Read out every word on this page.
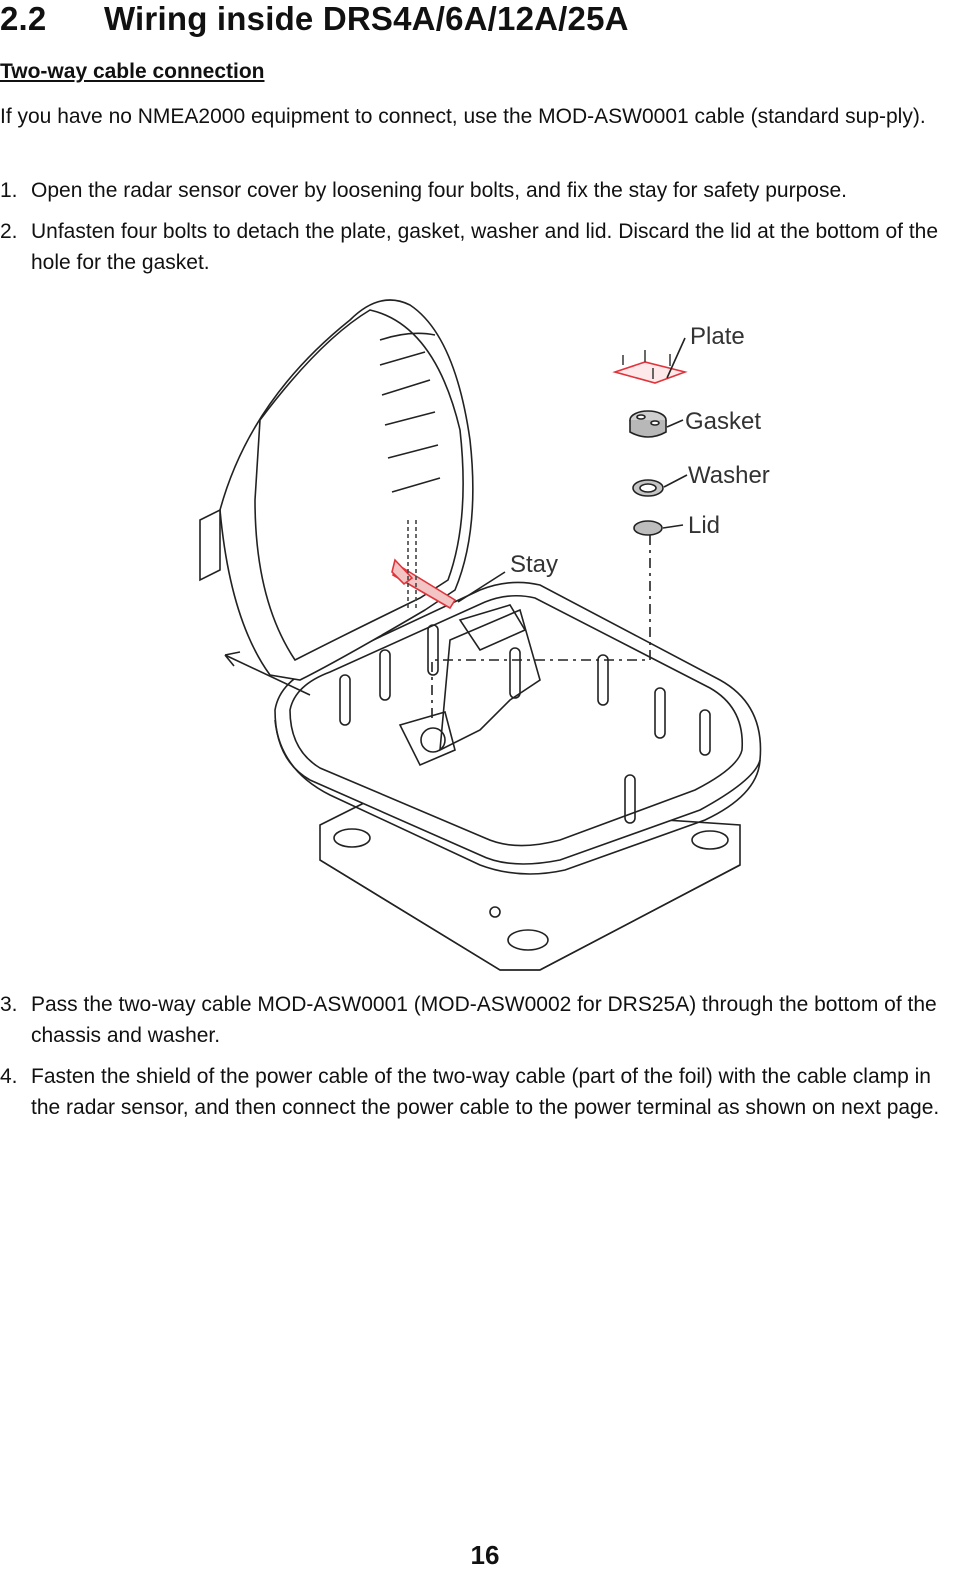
2.2 Wiring inside DRS4A/6A/12A/25A
Two-way cable connection

If you have no NMEA2000 equipment to connect, use the MOD-ASW0001 cable (standard sup-ply).

1. Open the radar sensor cover by loosening four bolts, and fix the stay for safety purpose.
2. Unfasten four bolts to detach the plate, gasket, washer and lid. Discard the lid at the bottom of the hole for the gasket.
Plate
Gasket
Washer
Lid
Stay
3. Pass the two-way cable MOD-ASW0001 (MOD-ASW0002 for DRS25A) through the bottom of the chassis and washer.
4. Fasten the shield of the power cable of the two-way cable (part of the foil) with the cable clamp in the radar sensor, and then connect the power cable to the power terminal as shown on next page.
16
